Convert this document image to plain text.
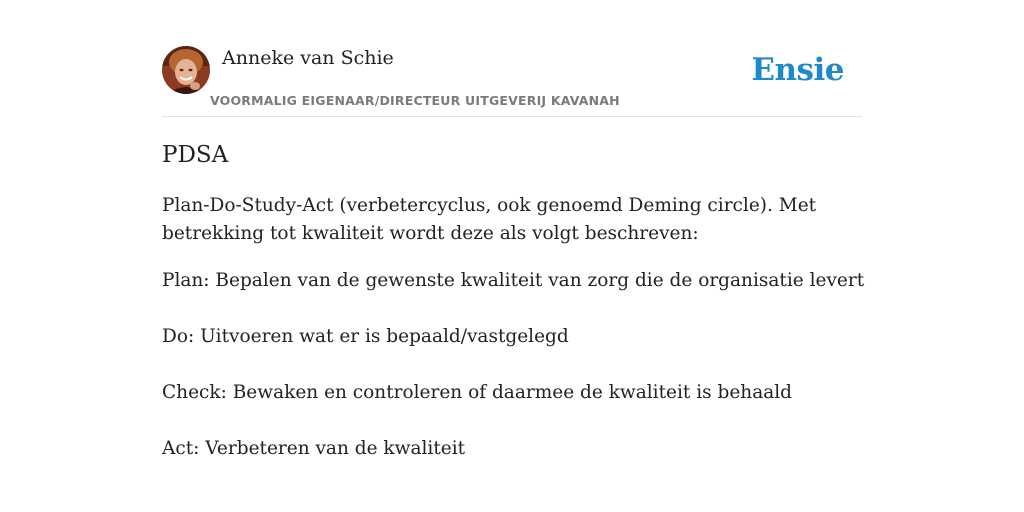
Anneke van Schie
VOORMALIG EIGENAAR/DIRECTEUR UITGEVERIJ KAVANAH
Ensie
PDSA

Plan-Do-Study-Act (verbetercyclus, ook genoemd Deming circle). Met betrekking tot kwaliteit wordt deze als volgt beschreven:

Plan: Bepalen van de gewenste kwaliteit van zorg die de organisatie levert

Do: Uitvoeren wat er is bepaald/vastgelegd

Check: Bewaken en controleren of daarmee de kwaliteit is behaald

Act: Verbeteren van de kwaliteit
